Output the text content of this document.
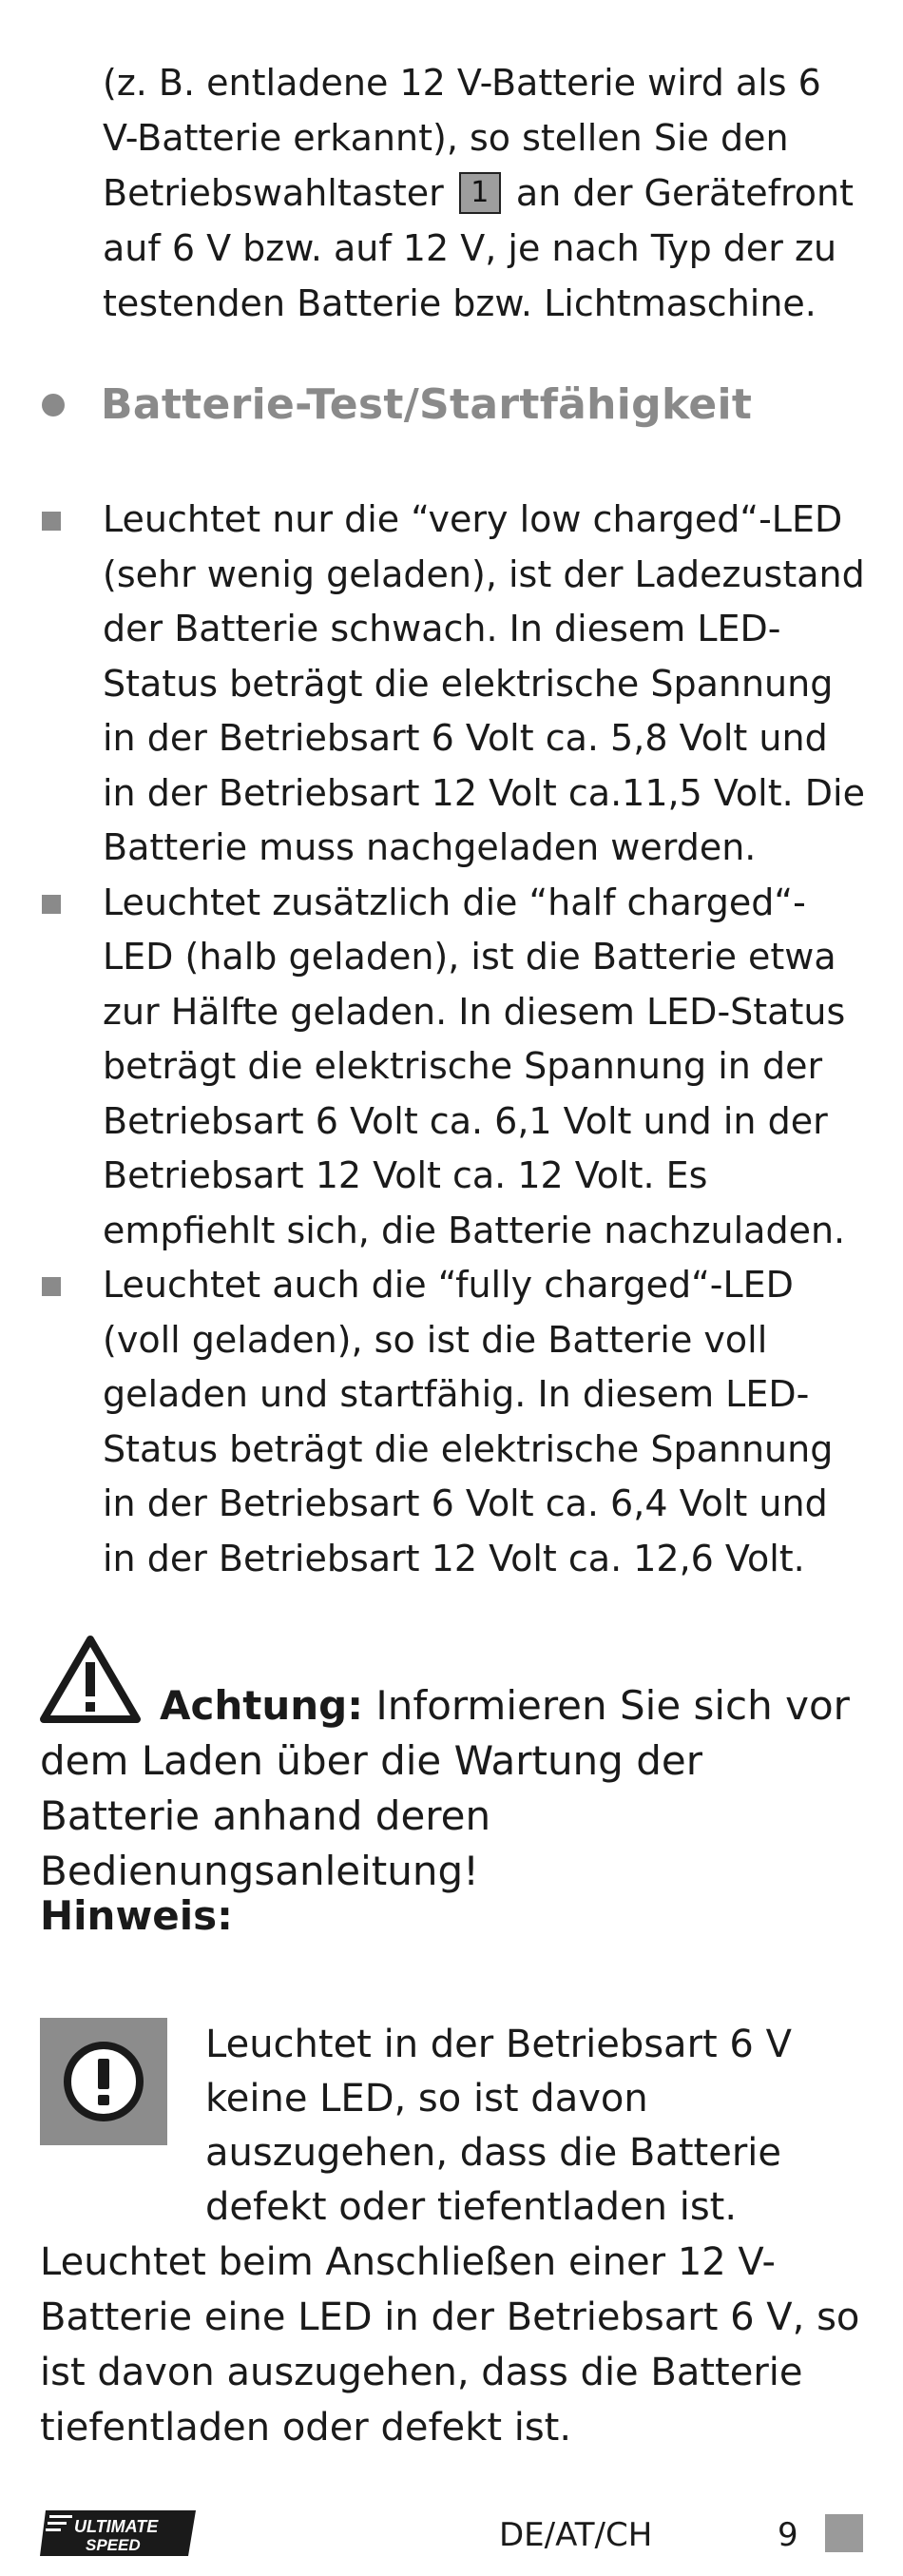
(z. B. entladene 12 V-Batterie wird als 6 V-Batterie erkannt), so stellen Sie den Betriebswahltaster 1 an der Gerätefront auf 6 V bzw. auf 12 V, je nach Typ der zu testenden Batterie bzw. Lichtmaschine.
Batterie-Test/Startfähigkeit
Leuchtet nur die “very low charged“-LED (sehr wenig geladen), ist der Ladezustand der Batterie schwach. In diesem LED-Status beträgt die elektrische Spannung in der Betriebsart 6 Volt ca. 5,8 Volt und in der Betriebsart 12 Volt ca.11,5 Volt. Die Batterie muss nachgeladen werden.
Leuchtet zusätzlich die “half charged“-LED (halb geladen), ist die Batterie etwa zur Hälfte geladen. In diesem LED-Status beträgt die elektrische Spannung in der Betriebsart 6 Volt ca. 6,1 Volt und in der Betriebsart 12 Volt ca. 12 Volt. Es empfiehlt sich, die Batterie nachzuladen.
Leuchtet auch die “fully charged“-LED (voll geladen), so ist die Batterie voll geladen und startfähig. In diesem LED-Status beträgt die elektrische Spannung in der Betriebsart 6 Volt ca. 6,4 Volt und in der Betriebsart 12 Volt ca. 12,6 Volt.
Achtung: Informieren Sie sich vor dem Laden über die Wartung der Batterie anhand deren Bedienungsanleitung!
Hinweis:
Leuchtet in der Betriebsart 6 V keine LED, so ist davon auszugehen, dass die Batterie defekt oder tiefentladen ist.
Leuchtet beim Anschließen einer 12 V-Batterie eine LED in der Betriebsart 6 V, so ist davon auszugehen, dass die Batterie tiefentladen oder defekt ist.
ULTIMATE
SPEED	DE/AT/CH	9
